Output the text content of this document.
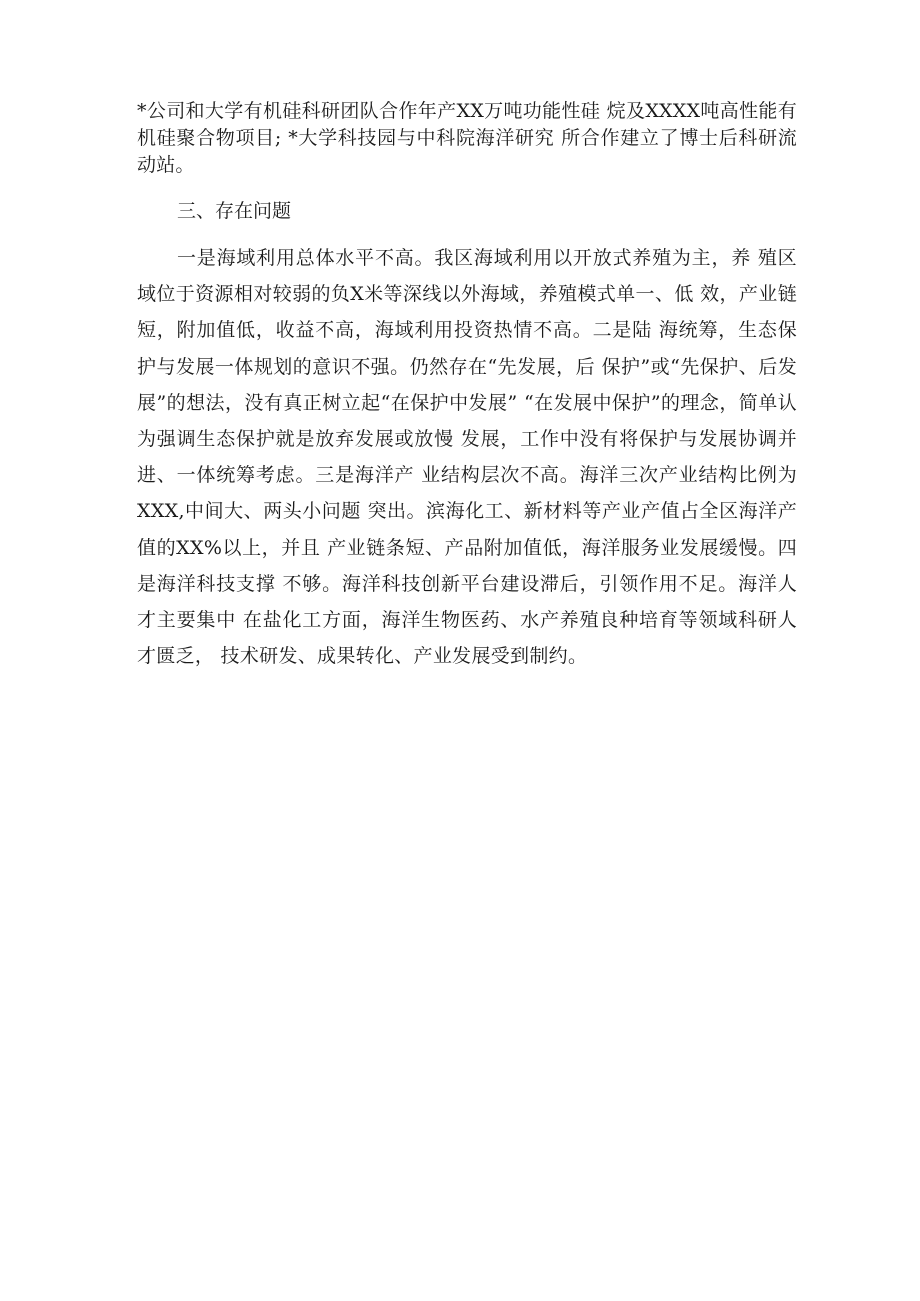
*公司和大学有机硅科研团队合作年产XX万吨功能性硅 烷及XXXX吨高性能有机硅聚合物项目; *大学科技园与中科院海洋研究 所合作建立了博士后科研流动站。

三、存在问题

一是海域利用总体水平不高。我区海域利用以开放式养殖为主，养 殖区域位于资源相对较弱的负X米等深线以外海域，养殖模式单一、低 效，产业链短，附加值低，收益不高，海域利用投资热情不高。二是陆 海统筹，生态保护与发展一体规划的意识不强。仍然存在“先发展，后 保护”或“先保护、后发展”的想法，没有真正树立起“在保护中发展” “在发展中保护”的理念，简单认为强调生态保护就是放弃发展或放慢 发展，工作中没有将保护与发展协调并进、一体统筹考虑。三是海洋产 业结构层次不高。海洋三次产业结构比例为XXX,中间大、两头小问题 突出。滨海化工、新材料等产业产值占全区海洋产值的XX%以上，并且 产业链条短、产品附加值低，海洋服务业发展缓慢。四是海洋科技支撑 不够。海洋科技创新平台建设滞后，引领作用不足。海洋人才主要集中 在盐化工方面，海洋生物医药、水产养殖良种培育等领域科研人才匮乏， 技术研发、成果转化、产业发展受到制约。
